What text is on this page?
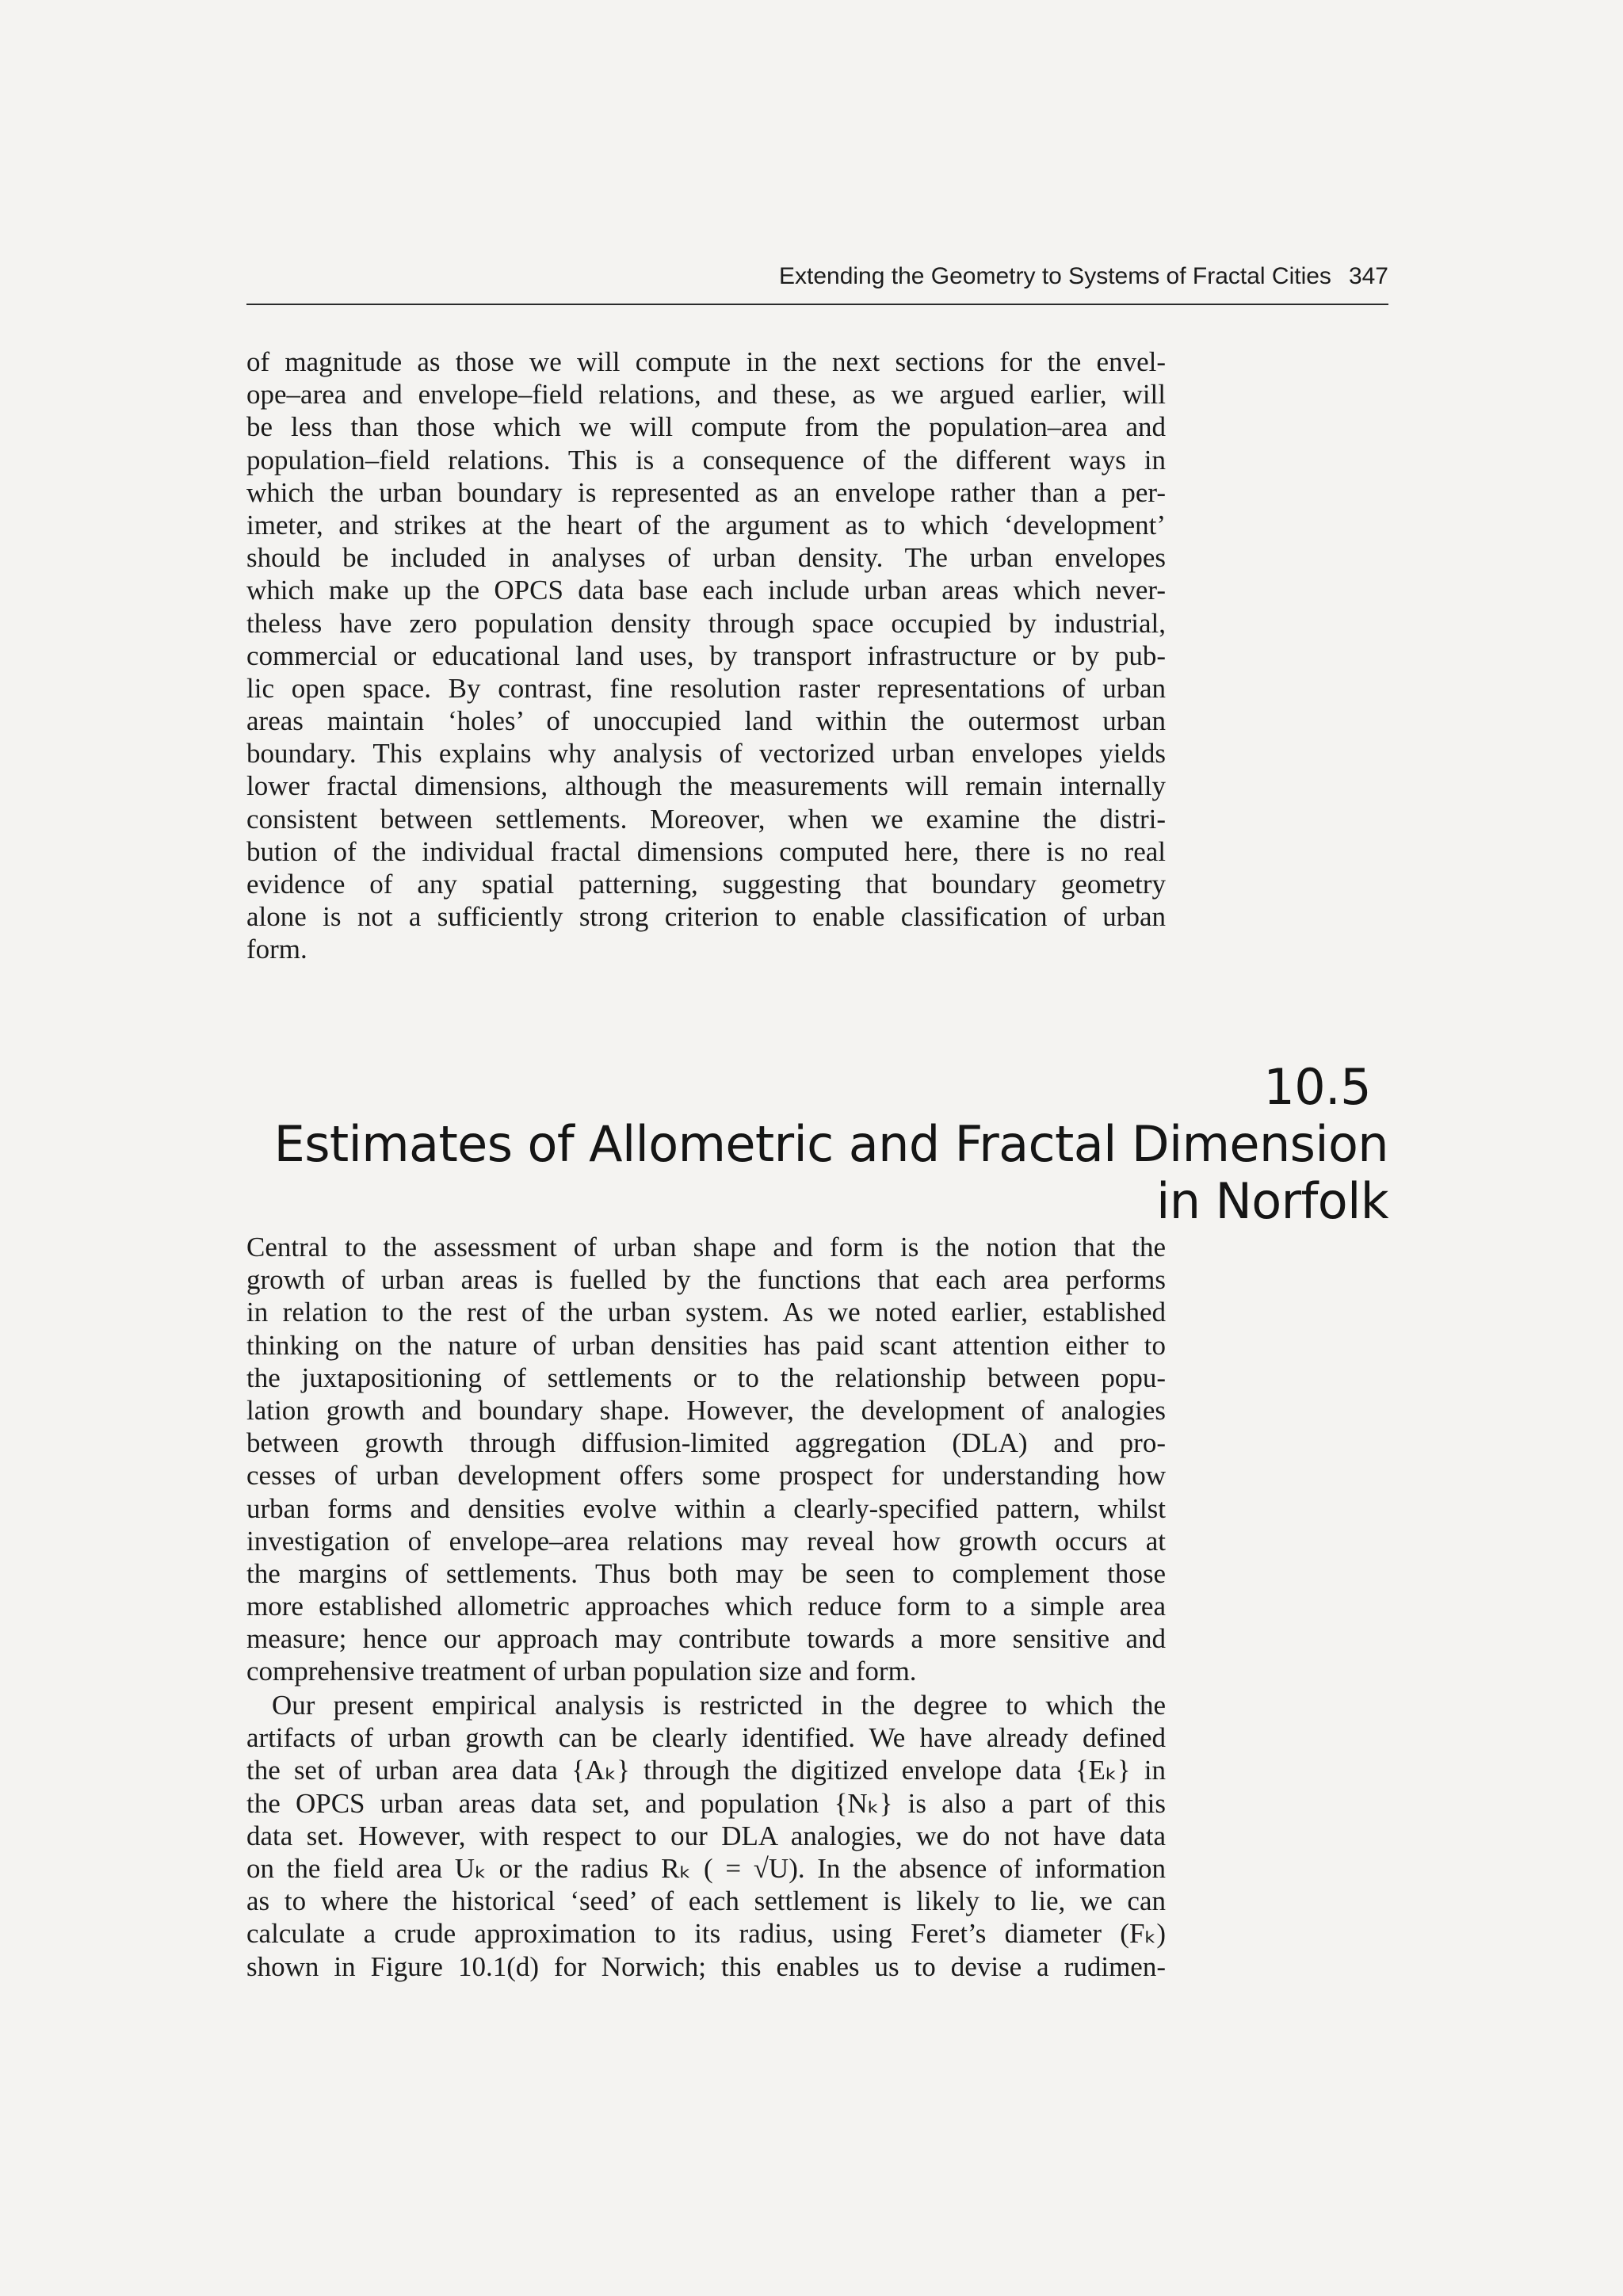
Extending the Geometry to Systems of Fractal Cities 347
of magnitude as those we will compute in the next sections for the envel-
ope–area and envelope–field relations, and these, as we argued earlier, will
be less than those which we will compute from the population–area and
population–field relations. This is a consequence of the different ways in
which the urban boundary is represented as an envelope rather than a per-
imeter, and strikes at the heart of the argument as to which ‘development’
should be included in analyses of urban density. The urban envelopes
which make up the OPCS data base each include urban areas which never-
theless have zero population density through space occupied by industrial,
commercial or educational land uses, by transport infrastructure or by pub-
lic open space. By contrast, fine resolution raster representations of urban
areas maintain ‘holes’ of unoccupied land within the outermost urban
boundary. This explains why analysis of vectorized urban envelopes yields
lower fractal dimensions, although the measurements will remain internally
consistent between settlements. Moreover, when we examine the distri-
bution of the individual fractal dimensions computed here, there is no real
evidence of any spatial patterning, suggesting that boundary geometry
alone is not a sufficiently strong criterion to enable classification of urban
form.
10.5
Estimates of Allometric and Fractal Dimension
in Norfolk
Central to the assessment of urban shape and form is the notion that the
growth of urban areas is fuelled by the functions that each area performs
in relation to the rest of the urban system. As we noted earlier, established
thinking on the nature of urban densities has paid scant attention either to
the juxtapositioning of settlements or to the relationship between popu-
lation growth and boundary shape. However, the development of analogies
between growth through diffusion-limited aggregation (DLA) and pro-
cesses of urban development offers some prospect for understanding how
urban forms and densities evolve within a clearly-specified pattern, whilst
investigation of envelope–area relations may reveal how growth occurs at
the margins of settlements. Thus both may be seen to complement those
more established allometric approaches which reduce form to a simple area
measure; hence our approach may contribute towards a more sensitive and
comprehensive treatment of urban population size and form.
Our present empirical analysis is restricted in the degree to which the
artifacts of urban growth can be clearly identified. We have already defined
the set of urban area data {Aₖ} through the digitized envelope data {Eₖ} in
the OPCS urban areas data set, and population {Nₖ} is also a part of this
data set. However, with respect to our DLA analogies, we do not have data
on the field area Uₖ or the radius Rₖ ( = √U). In the absence of information
as to where the historical ‘seed’ of each settlement is likely to lie, we can
calculate a crude approximation to its radius, using Feret’s diameter (Fₖ)
shown in Figure 10.1(d) for Norwich; this enables us to devise a rudimen-
